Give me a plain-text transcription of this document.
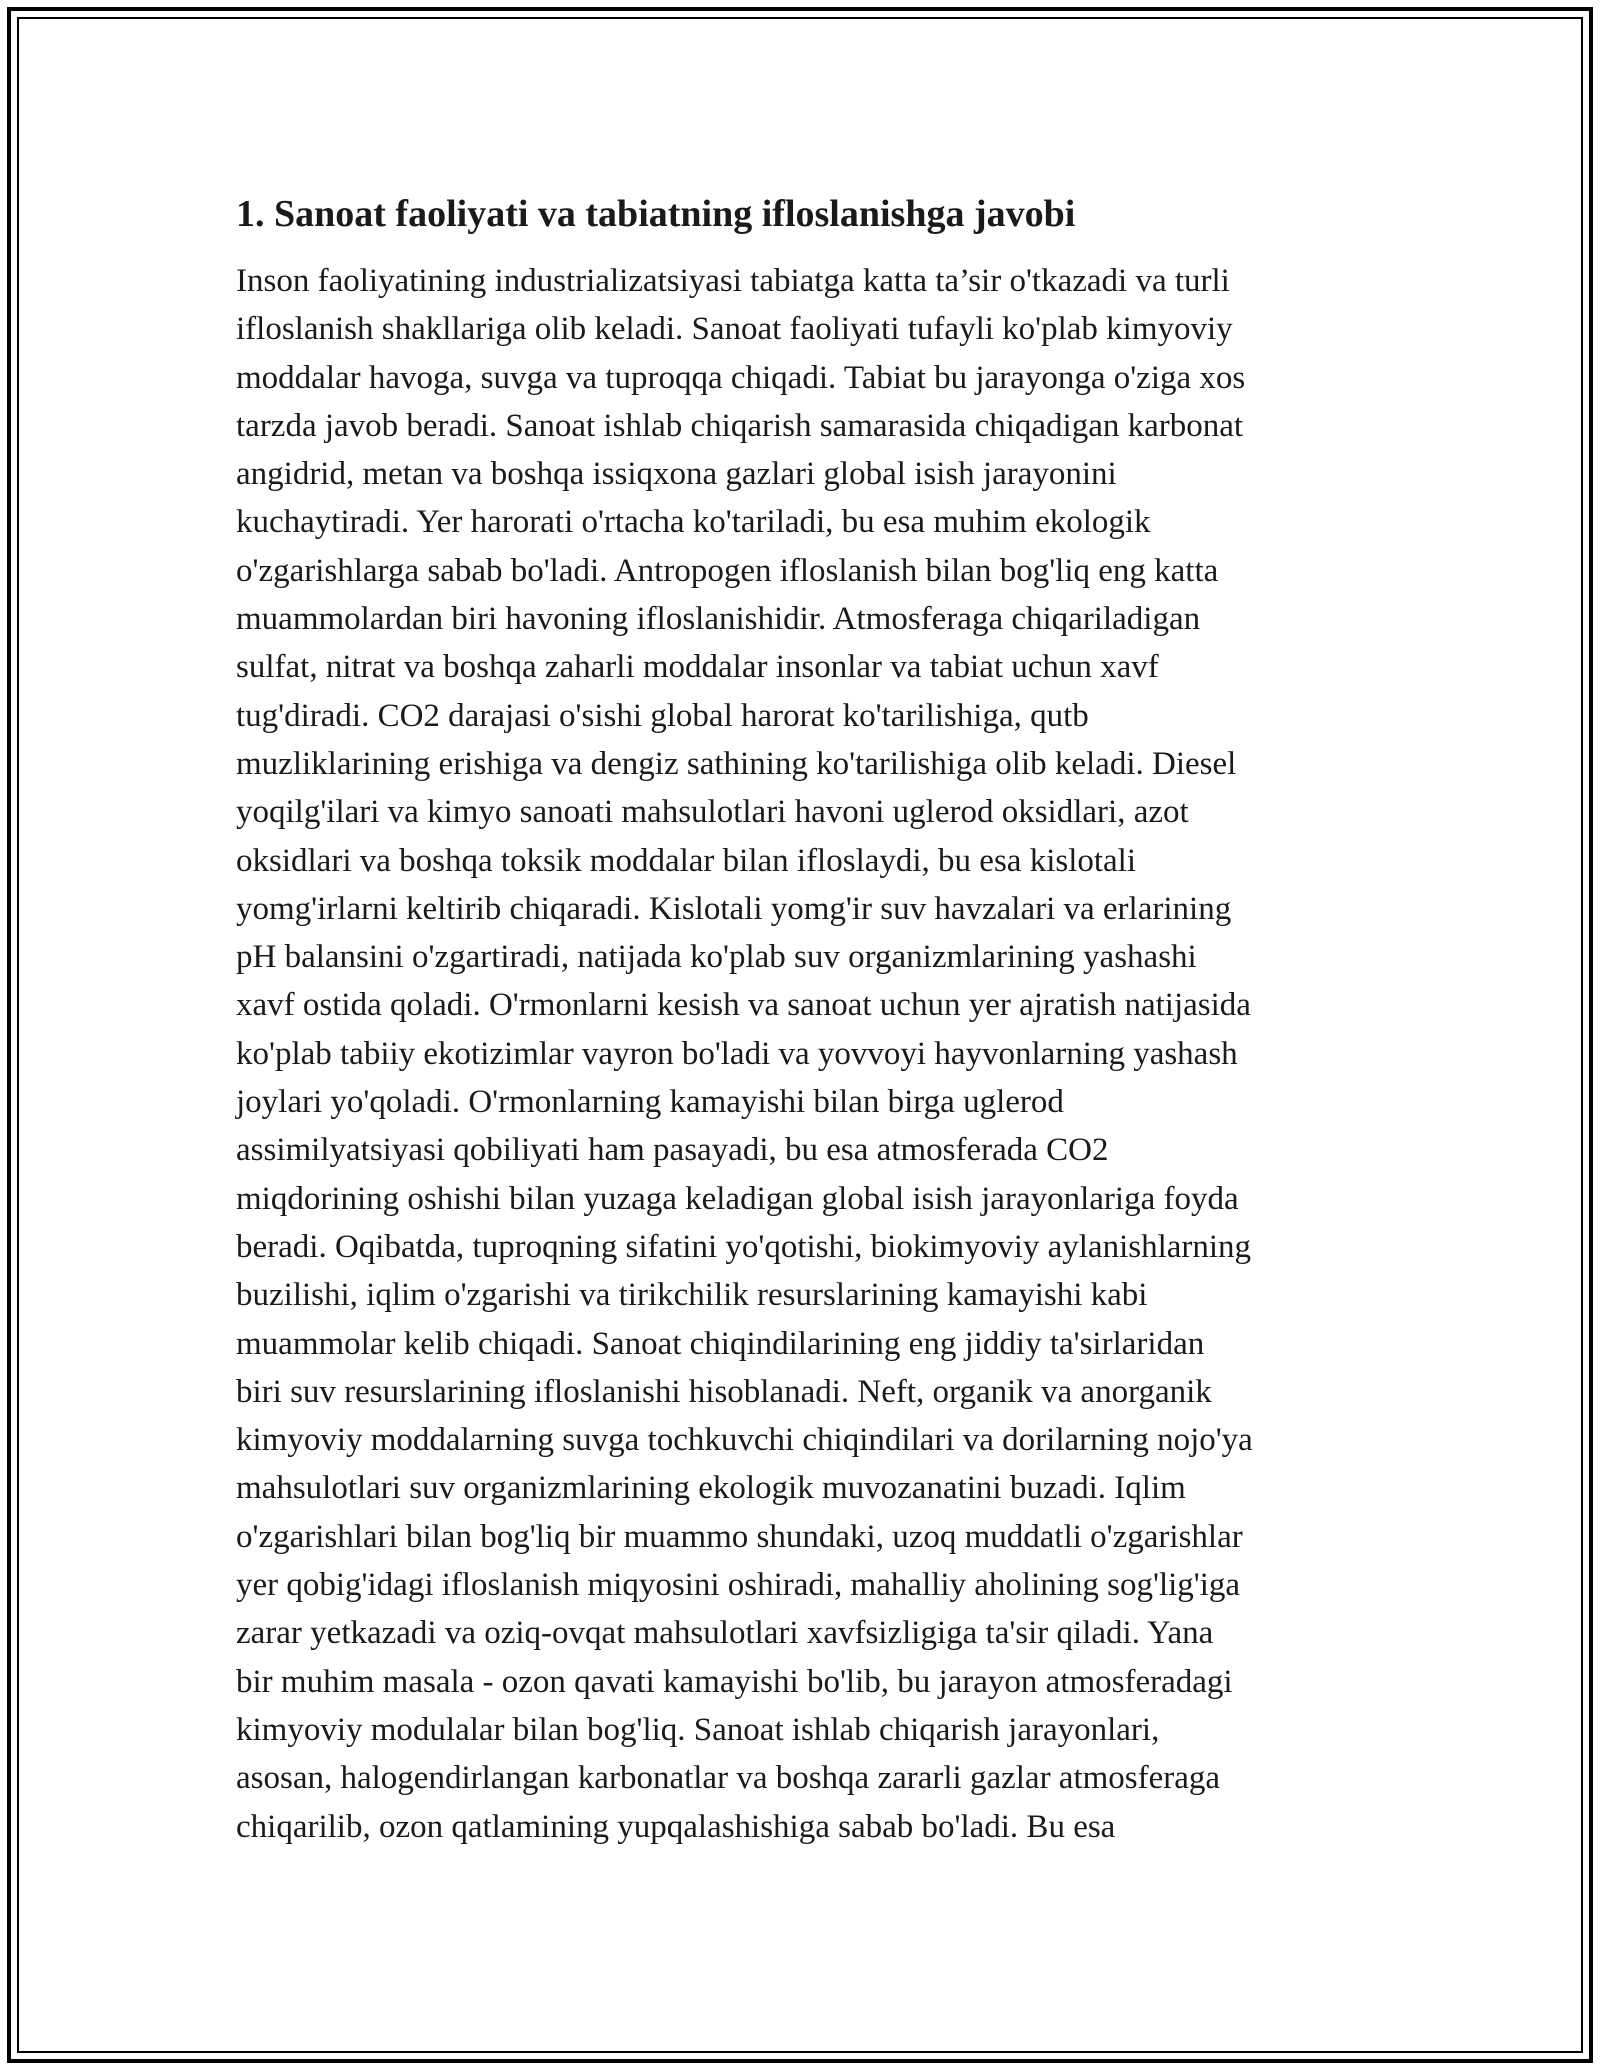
1. Sanoat faoliyati va tabiatning ifloslanishga javobi
Inson faoliyatining industrializatsiyasi tabiatga katta ta’sir o'tkazadi va turli
ifloslanish shakllariga olib keladi. Sanoat faoliyati tufayli ko'plab kimyoviy
moddalar havoga, suvga va tuproqqa chiqadi. Tabiat bu jarayonga o'ziga xos
tarzda javob beradi. Sanoat ishlab chiqarish samarasida chiqadigan karbonat
angidrid, metan va boshqa issiqxona gazlari global isish jarayonini
kuchaytiradi. Yer harorati o'rtacha ko'tariladi, bu esa muhim ekologik
o'zgarishlarga sabab bo'ladi. Antropogen ifloslanish bilan bog'liq eng katta
muammolardan biri havoning ifloslanishidir. Atmosferaga chiqariladigan
sulfat, nitrat va boshqa zaharli moddalar insonlar va tabiat uchun xavf
tug'diradi. CO2 darajasi o'sishi global harorat ko'tarilishiga, qutb
muzliklarining erishiga va dengiz sathining ko'tarilishiga olib keladi. Diesel
yoqilg'ilari va kimyo sanoati mahsulotlari havoni uglerod oksidlari, azot
oksidlari va boshqa toksik moddalar bilan ifloslaydi, bu esa kislotali
yomg'irlarni keltirib chiqaradi. Kislotali yomg'ir suv havzalari va erlarining
pH balansini o'zgartiradi, natijada ko'plab suv organizmlarining yashashi
xavf ostida qoladi. O'rmonlarni kesish va sanoat uchun yer ajratish natijasida
ko'plab tabiiy ekotizimlar vayron bo'ladi va yovvoyi hayvonlarning yashash
joylari yo'qoladi. O'rmonlarning kamayishi bilan birga uglerod
assimilyatsiyasi qobiliyati ham pasayadi, bu esa atmosferada CO2
miqdorining oshishi bilan yuzaga keladigan global isish jarayonlariga foyda
beradi. Oqibatda, tuproqning sifatini yo'qotishi, biokimyoviy aylanishlarning
buzilishi, iqlim o'zgarishi va tirikchilik resurslarining kamayishi kabi
muammolar kelib chiqadi. Sanoat chiqindilarining eng jiddiy ta'sirlaridan
biri suv resurslarining ifloslanishi hisoblanadi. Neft, organik va anorganik
kimyoviy moddalarning suvga tochkuvchi chiqindilari va dorilarning nojo'ya
mahsulotlari suv organizmlarining ekologik muvozanatini buzadi. Iqlim
o'zgarishlari bilan bog'liq bir muammo shundaki, uzoq muddatli o'zgarishlar
yer qobig'idagi ifloslanish miqyosini oshiradi, mahalliy aholining sog'lig'iga
zarar yetkazadi va oziq-ovqat mahsulotlari xavfsizligiga ta'sir qiladi. Yana
bir muhim masala - ozon qavati kamayishi bo'lib, bu jarayon atmosferadagi
kimyoviy modulalar bilan bog'liq. Sanoat ishlab chiqarish jarayonlari,
asosan, halogendirlangan karbonatlar va boshqa zararli gazlar atmosferaga
chiqarilib, ozon qatlamining yupqalashishiga sabab bo'ladi. Bu esa
